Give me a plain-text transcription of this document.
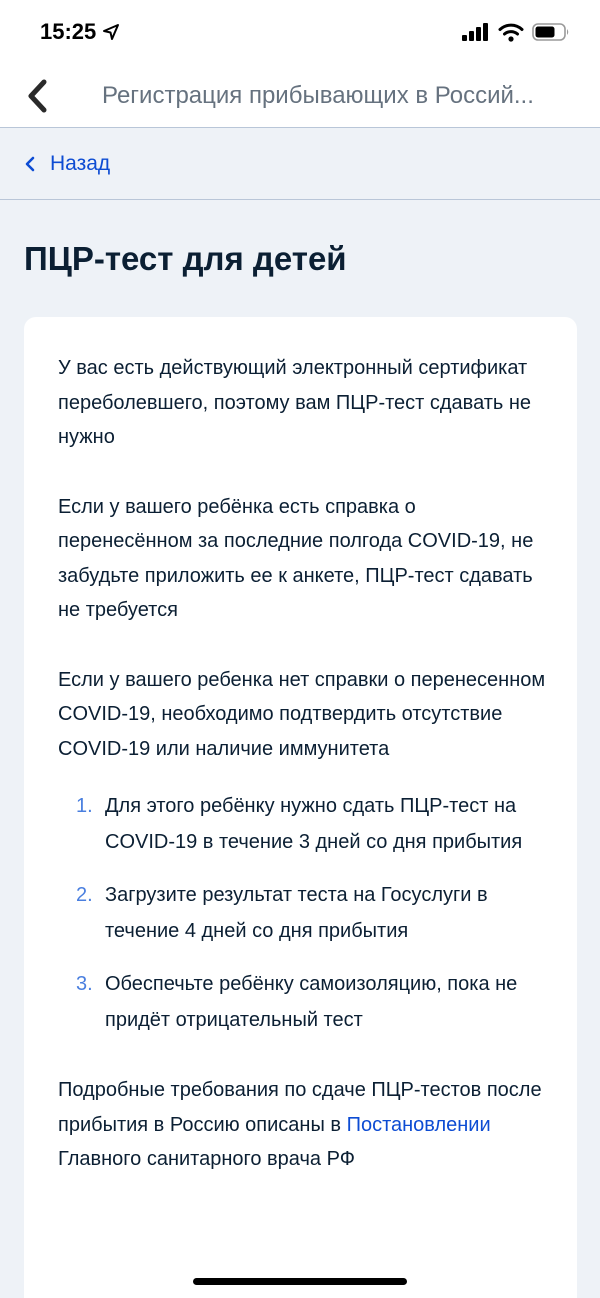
15:25
Регистрация прибывающих в Россий...
Назад
ПЦР-тест для детей

У вас есть действующий электронный сертификат переболевшего, поэтому вам ПЦР-тест сдавать не нужно

Если у вашего ребёнка есть справка о перенесённом за последние полгода COVID-19, не забудьте приложить ее к анкете, ПЦР-тест сдавать не требуется

Если у вашего ребенка нет справки о перенесенном COVID-19, необходимо подтвердить отсутствие COVID-19 или наличие иммунитета

1. Для этого ребёнку нужно сдать ПЦР-тест на COVID-19 в течение 3 дней со дня прибытия
2. Загрузите результат теста на Госуслуги в течение 4 дней со дня прибытия
3. Обеспечьте ребёнку самоизоляцию, пока не придёт отрицательный тест

Подробные требования по сдаче ПЦР-тестов после прибытия в Россию описаны в Постановлении Главного санитарного врача РФ
